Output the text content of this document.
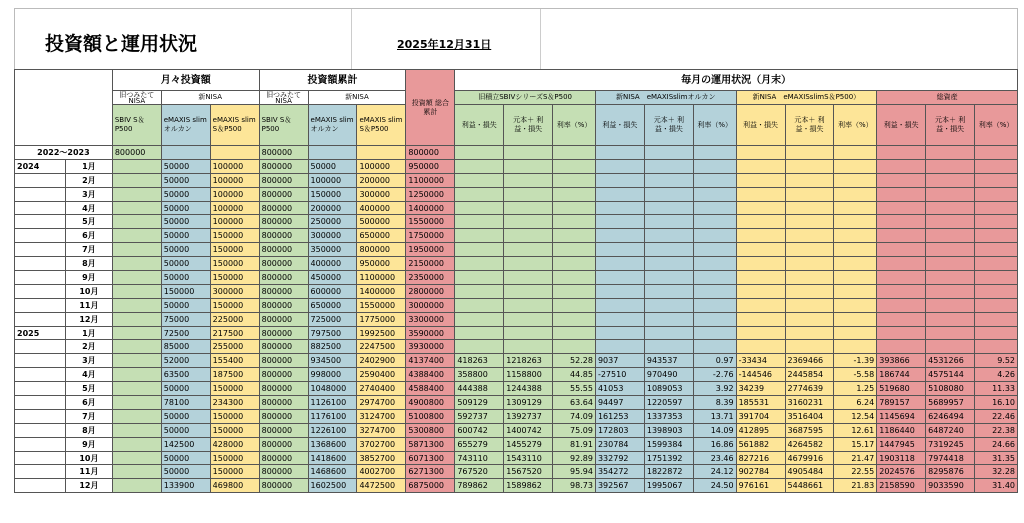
投資額と運用状況	2025年12月31日
		月々投資額			投資額累計			投資額 総合累計	毎月の運用状況（月末）											
		旧つみたて NISA	新NISA		旧つみたて NISA	新NISA			旧積立SBIVシリーズS＆P500			新NISA　eMAXISslimオルカン			新NISA　eMAXISslimS＆P500）			総資産		
		SBIV S＆P500	eMAXIS slim オルカン	eMAXIS slim S＆P500	SBIV S＆P500	eMAXIS slim オルカン	eMAXIS slim S＆P500		利益・損失	元本＋ 利益・損失	利率（%）	利益・損失	元本＋ 利益・損失	利率（%）	利益・損失	元本＋ 利益・損失	利率（%）	利益・損失	元本＋ 利益・損失	利率（%）
2022～2023		800000			800000			800000												
2024	1月		50000	100000	800000	50000	100000	950000												
	2月		50000	100000	800000	100000	200000	1100000												
	3月		50000	100000	800000	150000	300000	1250000												
	4月		50000	100000	800000	200000	400000	1400000												
	5月		50000	100000	800000	250000	500000	1550000												
	6月		50000	150000	800000	300000	650000	1750000												
	7月		50000	150000	800000	350000	800000	1950000												
	8月		50000	150000	800000	400000	950000	2150000												
	9月		50000	150000	800000	450000	1100000	2350000												
	10月		150000	300000	800000	600000	1400000	2800000												
	11月		50000	150000	800000	650000	1550000	3000000												
	12月		75000	225000	800000	725000	1775000	3300000												
2025	1月		72500	217500	800000	797500	1992500	3590000												
	2月		85000	255000	800000	882500	2247500	3930000												
	3月		52000	155400	800000	934500	2402900	4137400	418263	1218263	52.28	9037	943537	0.97	-33434	2369466	-1.39	393866	4531266	9.52
	4月		63500	187500	800000	998000	2590400	4388400	358800	1158800	44.85	-27510	970490	-2.76	-144546	2445854	-5.58	186744	4575144	4.26
	5月		50000	150000	800000	1048000	2740400	4588400	444388	1244388	55.55	41053	1089053	3.92	34239	2774639	1.25	519680	5108080	11.33
	6月		78100	234300	800000	1126100	2974700	4900800	509129	1309129	63.64	94497	1220597	8.39	185531	3160231	6.24	789157	5689957	16.10
	7月		50000	150000	800000	1176100	3124700	5100800	592737	1392737	74.09	161253	1337353	13.71	391704	3516404	12.54	1145694	6246494	22.46
	8月		50000	150000	800000	1226100	3274700	5300800	600742	1400742	75.09	172803	1398903	14.09	412895	3687595	12.61	1186440	6487240	22.38
	9月		142500	428000	800000	1368600	3702700	5871300	655279	1455279	81.91	230784	1599384	16.86	561882	4264582	15.17	1447945	7319245	24.66
	10月		50000	150000	800000	1418600	3852700	6071300	743110	1543110	92.89	332792	1751392	23.46	827216	4679916	21.47	1903118	7974418	31.35
	11月		50000	150000	800000	1468600	4002700	6271300	767520	1567520	95.94	354272	1822872	24.12	902784	4905484	22.55	2024576	8295876	32.28
	12月		133900	469800	800000	1602500	4472500	6875000	789862	1589862	98.73	392567	1995067	24.50	976161	5448661	21.83	2158590	9033590	31.40
